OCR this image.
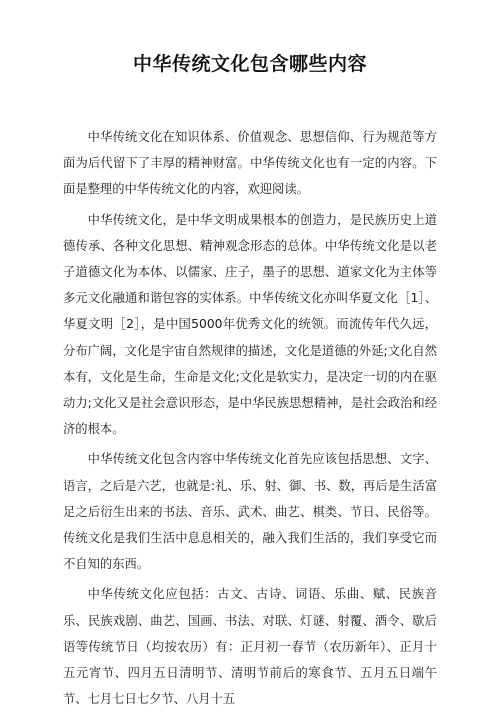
中华传统文化包含哪些内容

中华传统文化在知识体系、价值观念、思想信仰、行为规范等方面为后代留下了丰厚的精神财富。中华传统文化也有一定的内容。下面是整理的中华传统文化的内容，欢迎阅读。

中华传统文化，是中华文明成果根本的创造力，是民族历史上道德传承、各种文化思想、精神观念形态的总体。中华传统文化是以老子道德文化为本体、以儒家、庄子，墨子的思想、道家文化为主体等多元文化融通和谐包容的实体系。中华传统文化亦叫华夏文化［1］、华夏文明［2］，是中国5000年优秀文化的统领。而流传年代久远，分布广阔，文化是宇宙自然规律的描述，文化是道德的外延;文化自然本有，文化是生命，生命是文化;文化是软实力，是决定一切的内在驱动力;文化又是社会意识形态，是中华民族思想精神，是社会政治和经济的根本。

中华传统文化包含内容中华传统文化首先应该包括思想、文字、语言，之后是六艺，也就是:礼、乐、射、御、书、数，再后是生活富足之后衍生出来的书法、音乐、武术、曲艺、棋类、节日、民俗等。传统文化是我们生活中息息相关的，融入我们生活的，我们享受它而不自知的东西。

中华传统文化应包括：古文、古诗、词语、乐曲、赋、民族音乐、民族戏剧、曲艺、国画、书法、对联、灯谜、射覆、酒令、歇后语等传统节日（均按农历）有：正月初一春节（农历新年）、正月十五元宵节、四月五日清明节、清明节前后的寒食节、五月五日端午节、七月七日七夕节、八月十五
